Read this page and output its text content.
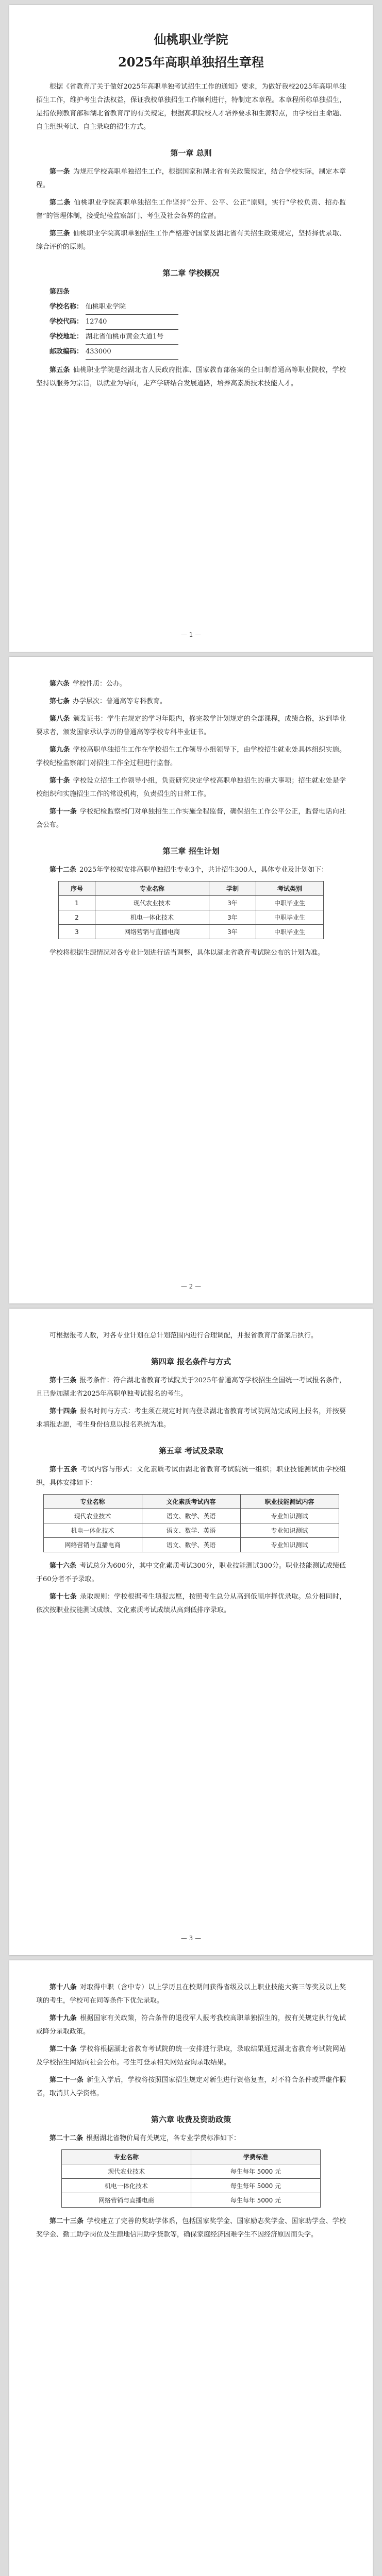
仙桃职业学院
2025年高职单独招生章程

根据《省教育厅关于做好2025年高职单独考试招生工作的通知》要求，为做好我校2025年高职单独招生工作，维护考生合法权益，保证我校单独招生工作顺利进行，特制定本章程。本章程所称单独招生，是指依照教育部和湖北省教育厅的有关规定，根据高职院校人才培养要求和生源特点，由学校自主命题、自主组织考试、自主录取的招生方式。

第一章 总则

第一条 为规范学校高职单独招生工作，根据国家和湖北省有关政策规定，结合学校实际，制定本章程。

第二条 仙桃职业学院高职单独招生工作坚持“公开、公平、公正”原则，实行“学校负责、招办监督”的管理体制，接受纪检监察部门、考生及社会各界的监督。

第三条 仙桃职业学院高职单独招生工作严格遵守国家及湖北省有关招生政策规定，坚持择优录取、综合评价的原则。

第二章 学校概况

第四条

学校名称： 仙桃职业学院

学校代码： 12740

学校地址： 湖北省仙桃市黄金大道1号

邮政编码： 433000

第五条 仙桃职业学院是经湖北省人民政府批准、国家教育部备案的全日制普通高等职业院校，学校坚持以服务为宗旨，以就业为导向，走产学研结合发展道路，培养高素质技术技能人才。

— 1 —

第六条 学校性质：公办。

第七条 办学层次：普通高等专科教育。

第八条 颁发证书：学生在规定的学习年限内，修完教学计划规定的全部课程，成绩合格，达到毕业要求者，颁发国家承认学历的普通高等学校专科毕业证书。

第九条 学校高职单独招生工作在学校招生工作领导小组领导下，由学校招生就业处具体组织实施。学校纪检监察部门对招生工作全过程进行监督。

第十条 学校设立招生工作领导小组，负责研究决定学校高职单独招生的重大事项；招生就业处是学校组织和实施招生工作的常设机构，负责招生的日常工作。

第十一条 学校纪检监察部门对单独招生工作实施全程监督，确保招生工作公平公正，监督电话向社会公布。

第三章 招生计划

第十二条 2025年学校拟安排高职单独招生专业3个，共计招生300人，具体专业及计划如下：

序号	专业名称	学制	考试类别
1	现代农业技术	3年	中职毕业生
2	机电一体化技术	3年	中职毕业生
3	网络营销与直播电商	3年	中职毕业生

学校将根据生源情况对各专业计划进行适当调整，具体以湖北省教育考试院公布的计划为准。

— 2 —

可根据报考人数，对各专业计划在总计划范围内进行合理调配，并报省教育厅备案后执行。

第四章 报名条件与方式

第十三条 报考条件：符合湖北省教育考试院关于2025年普通高等学校招生全国统一考试报名条件，且已参加湖北省2025年高职单独考试报名的考生。

第十四条 报名时间与方式：考生须在规定时间内登录湖北省教育考试院网站完成网上报名，并按要求填报志愿，考生身份信息以报名系统为准。

第五章 考试及录取

第十五条 考试内容与形式：文化素质考试由湖北省教育考试院统一组织；职业技能测试由学校组织，具体安排如下：

专业名称	文化素质考试内容	职业技能测试内容
现代农业技术	语文、数学、英语	专业知识测试
机电一体化技术	语文、数学、英语	专业知识测试
网络营销与直播电商	语文、数学、英语	专业知识测试

第十六条 考试总分为600分，其中文化素质考试300分，职业技能测试300分。职业技能测试成绩低于60分者不予录取。

第十七条 录取规则：学校根据考生填报志愿，按照考生总分从高到低顺序择优录取。总分相同时，依次按职业技能测试成绩、文化素质考试成绩从高到低排序录取。

— 3 —

第十八条 对取得中职（含中专）以上学历且在校期间获得省级及以上职业技能大赛三等奖及以上奖项的考生，学校可在同等条件下优先录取。

第十九条 根据国家有关政策，符合条件的退役军人报考我校高职单独招生的，按有关规定执行免试或降分录取政策。

第二十条 学校将根据湖北省教育考试院的统一安排进行录取，录取结果通过湖北省教育考试院网站及学校招生网站向社会公布。考生可登录相关网站查询录取结果。

第二十一条 新生入学后，学校将按照国家招生规定对新生进行资格复查，对不符合条件或弄虚作假者，取消其入学资格。

第六章 收费及资助政策

第二十二条 根据湖北省物价局有关规定，各专业学费标准如下：

专业名称	学费标准
现代农业技术	每生每年 5000 元
机电一体化技术	每生每年 5000 元
网络营销与直播电商	每生每年 5000 元

第二十三条 学校建立了完善的奖助学体系，包括国家奖学金、国家励志奖学金、国家助学金、学校奖学金、勤工助学岗位及生源地信用助学贷款等，确保家庭经济困难学生不因经济原因而失学。
